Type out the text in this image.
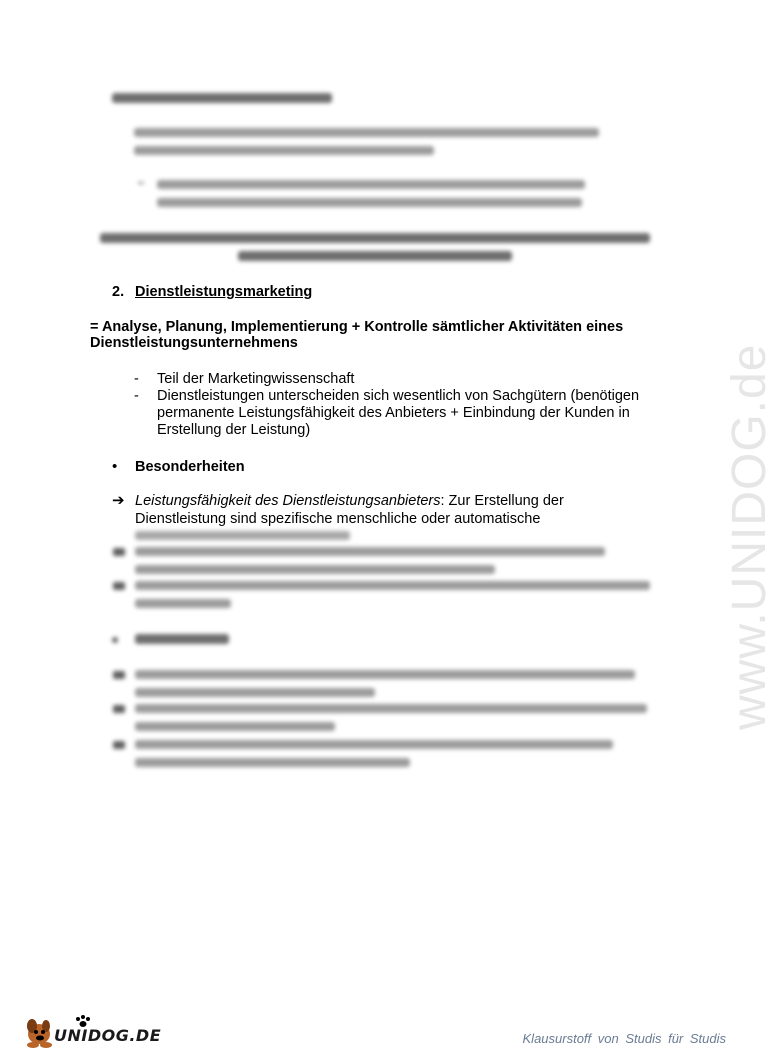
www.UNIDOG.de
2. Dienstleistungsmarketing
= Analyse, Planung, Implementierung + Kontrolle sämtlicher Aktivitäten eines
Dienstleistungsunternehmens
- Teil der Marketingwissenschaft
- Dienstleistungen unterscheiden sich wesentlich von Sachgütern (benötigen
permanente Leistungsfähigkeit des Anbieters + Einbindung der Kunden in
Erstellung der Leistung)
• Besonderheiten
➔ Leistungsfähigkeit des Dienstleistungsanbieters: Zur Erstellung der
Dienstleistung sind spezifische menschliche oder automatische
UNIDOG.DE	Klausurstoff von Studis für Studis
